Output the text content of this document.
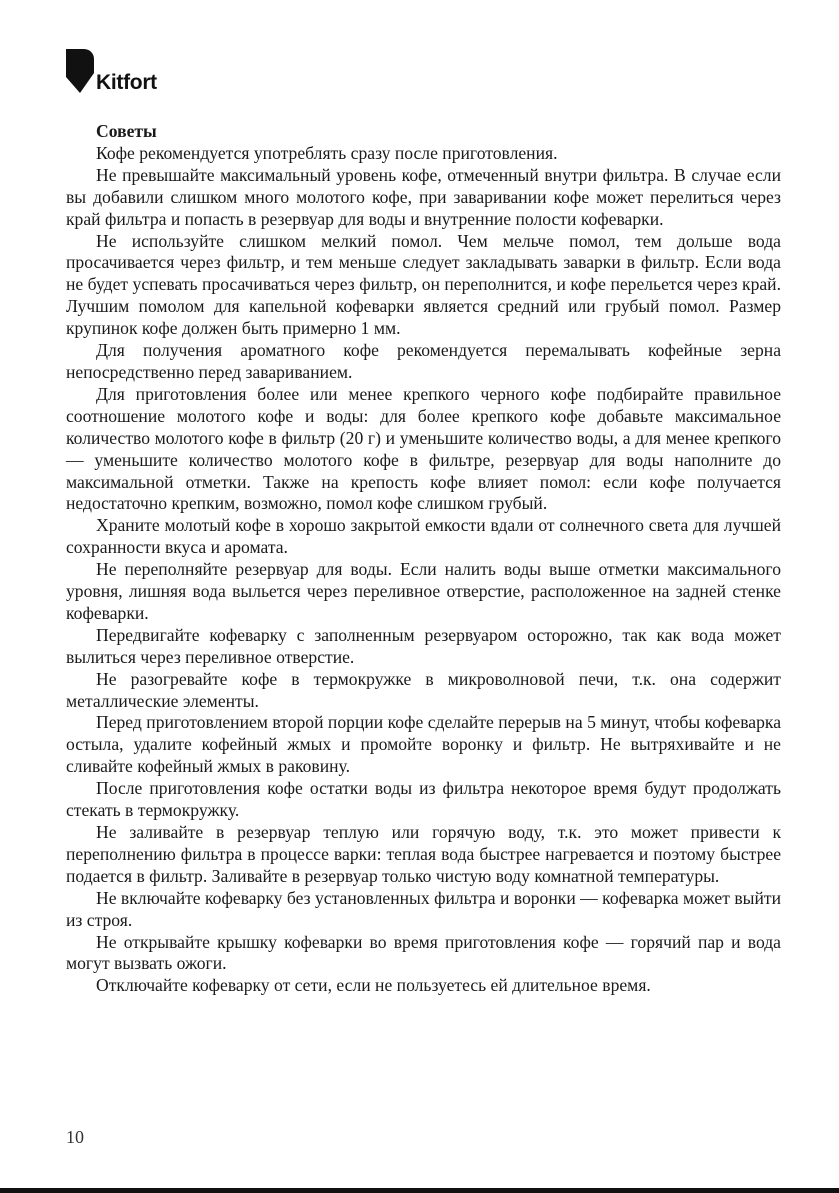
Kitfort

Советы

Кофе рекомендуется употреблять сразу после приготовления.

Не превышайте максимальный уровень кофе, отмеченный внутри фильтра. В случае если вы добавили слишком много молотого кофе, при заваривании кофе может перелиться через край фильтра и попасть в резервуар для воды и внутренние полости кофеварки.

Не используйте слишком мелкий помол. Чем мельче помол, тем дольше вода просачивается через фильтр, и тем меньше следует закладывать заварки в фильтр. Если вода не будет успевать просачиваться через фильтр, он переполнится, и кофе перельется через край. Лучшим помолом для капельной кофеварки является средний или грубый помол. Размер крупинок кофе должен быть примерно 1 мм.

Для получения ароматного кофе рекомендуется перемалывать кофейные зерна непосредственно перед завариванием.

Для приготовления более или менее крепкого черного кофе подбирайте правильное соотношение молотого кофе и воды: для более крепкого кофе добавьте максимальное количество молотого кофе в фильтр (20 г) и уменьшите количество воды, а для менее крепкого — уменьшите количество молотого кофе в фильтре, резервуар для воды наполните до максимальной отметки. Также на крепость кофе влияет помол: если кофе получается недостаточно крепким, возможно, помол кофе слишком грубый.

Храните молотый кофе в хорошо закрытой емкости вдали от солнечного света для лучшей сохранности вкуса и аромата.

Не переполняйте резервуар для воды. Если налить воды выше отметки максимального уровня, лишняя вода выльется через переливное отверстие, расположенное на задней стенке кофеварки.

Передвигайте кофеварку с заполненным резервуаром осторожно, так как вода может вылиться через переливное отверстие.

Не разогревайте кофе в термокружке в микроволновой печи, т.к. она содержит металлические элементы.

Перед приготовлением второй порции кофе сделайте перерыв на 5 минут, чтобы кофеварка остыла, удалите кофейный жмых и промойте воронку и фильтр. Не вытряхивайте и не сливайте кофейный жмых в раковину.

После приготовления кофе остатки воды из фильтра некоторое время будут продолжать стекать в термокружку.

Не заливайте в резервуар теплую или горячую воду, т.к. это может привести к переполнению фильтра в процессе варки: теплая вода быстрее нагревается и поэтому быстрее подается в фильтр. Заливайте в резервуар только чистую воду комнатной температуры.

Не включайте кофеварку без установленных фильтра и воронки — кофеварка может выйти из строя.

Не открывайте крышку кофеварки во время приготовления кофе — горячий пар и вода могут вызвать ожоги.

Отключайте кофеварку от сети, если не пользуетесь ей длительное время.

10
